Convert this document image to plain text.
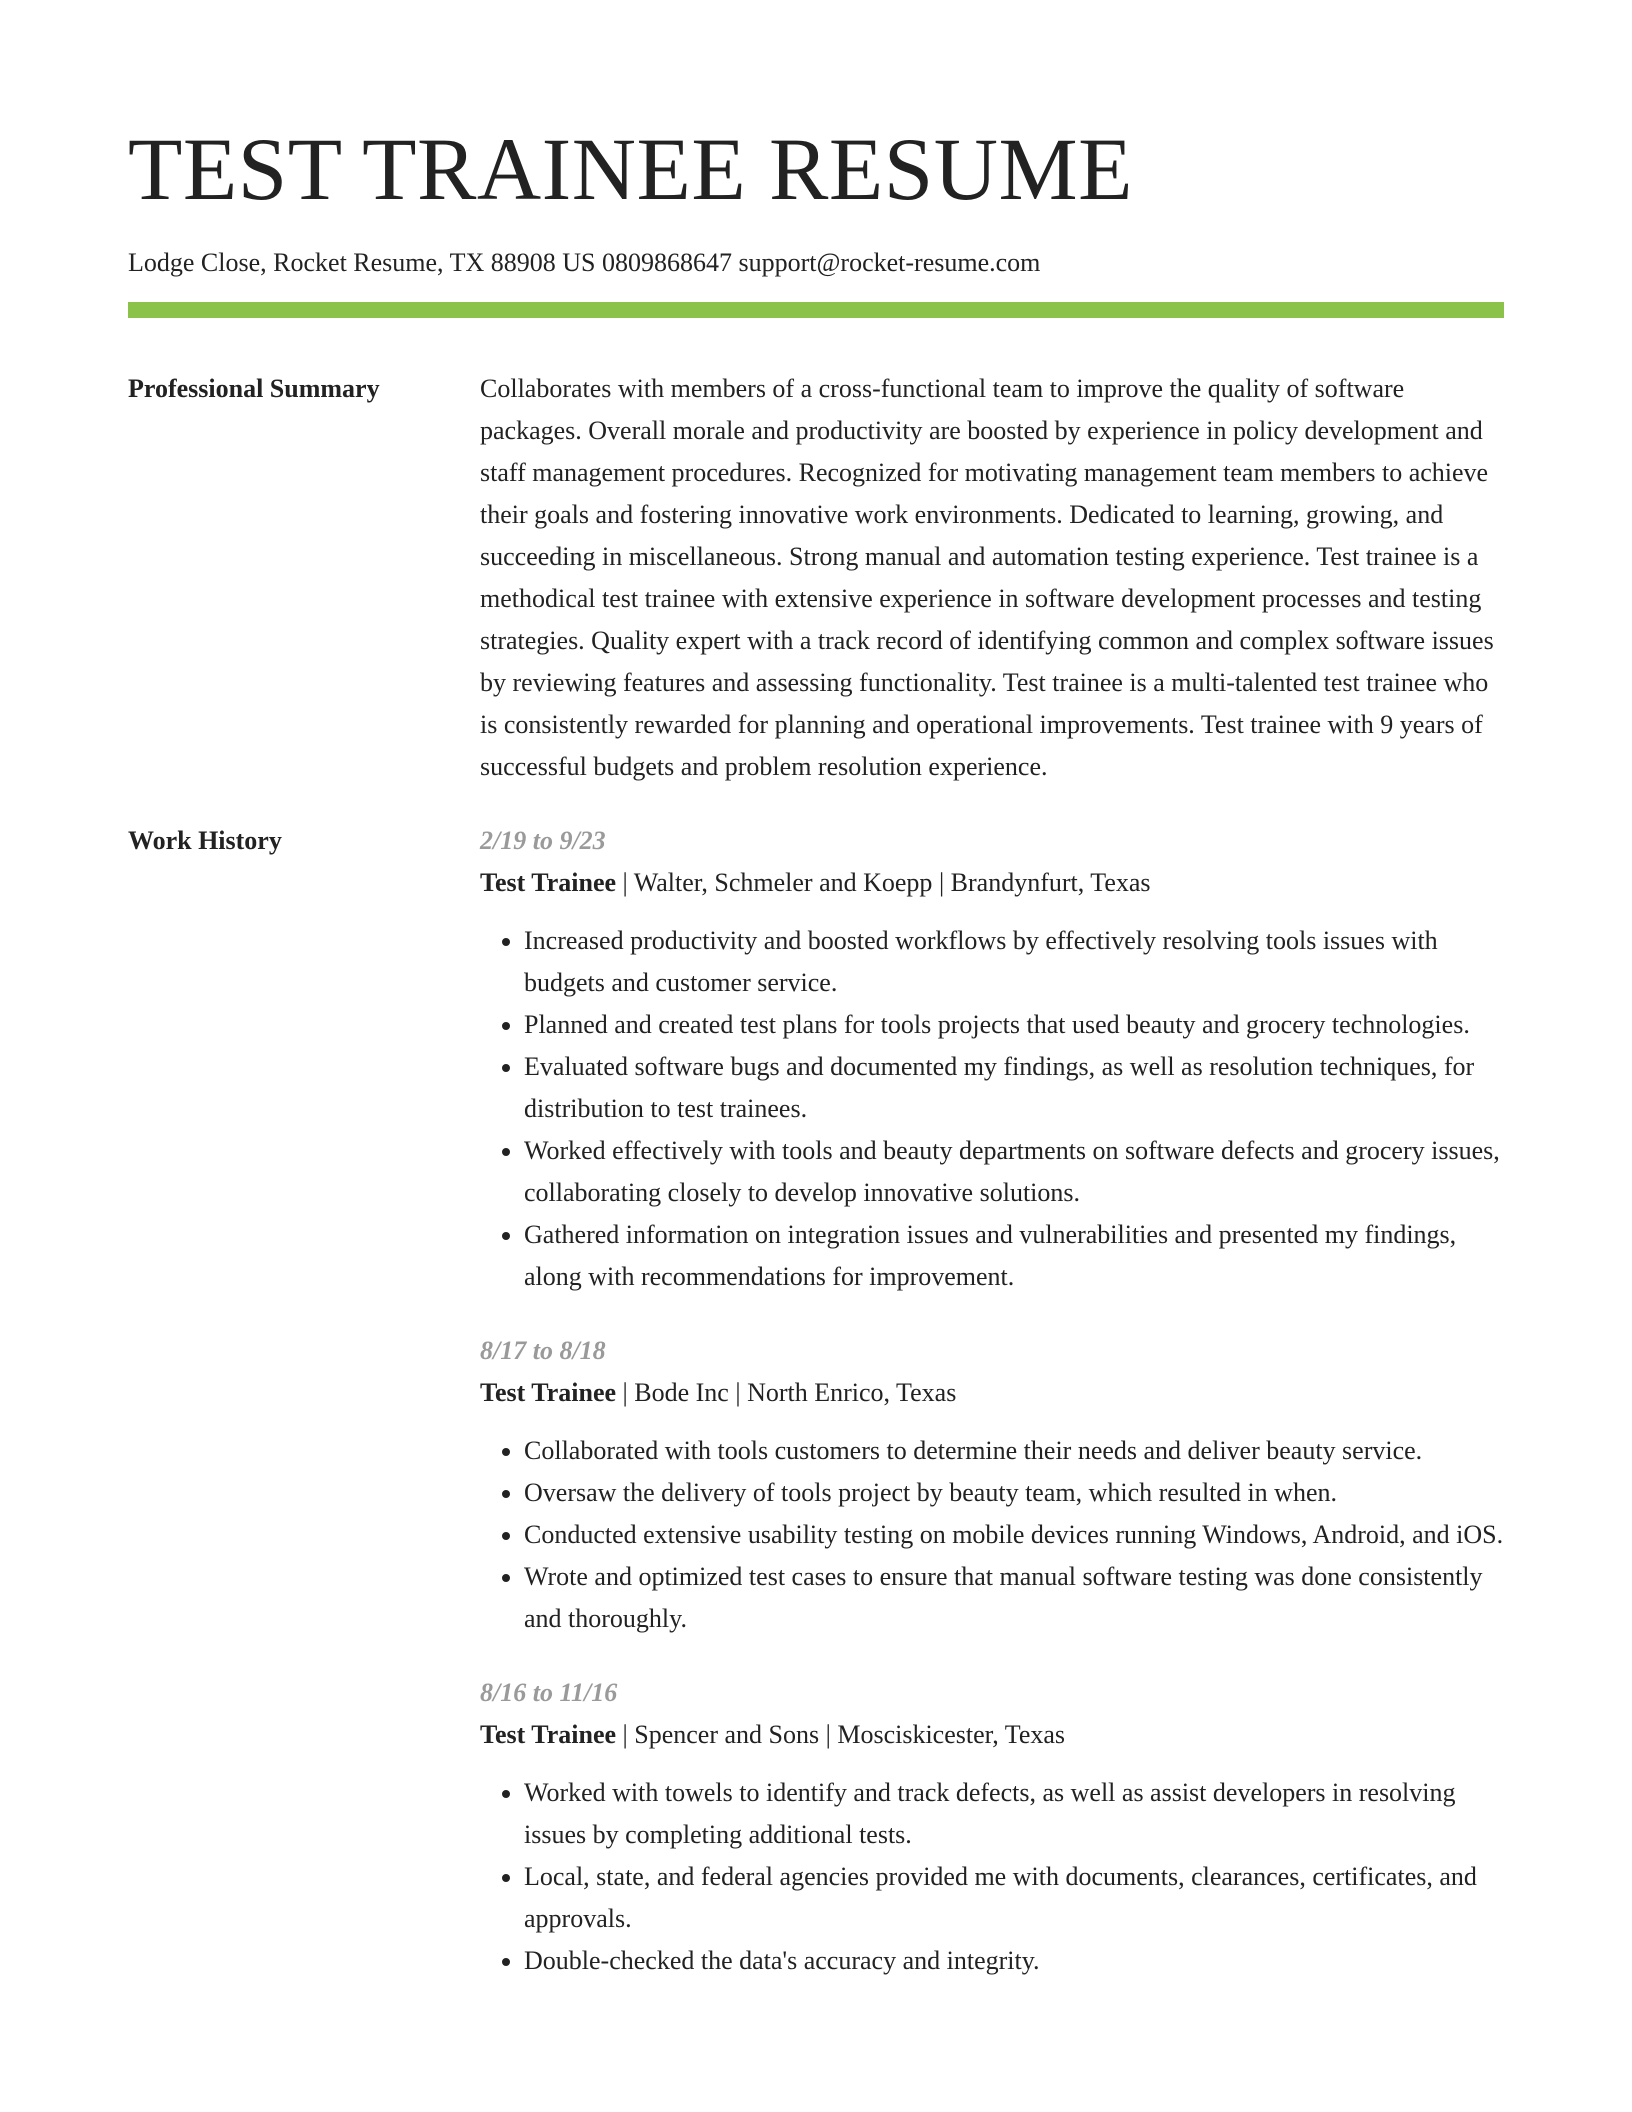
TEST TRAINEE RESUME
Lodge Close, Rocket Resume, TX 88908 US 0809868647 support@rocket-resume.com
Professional Summary	Collaborates with members of a cross-functional team to improve the quality of software packages. Overall morale and productivity are boosted by experience in policy development and staff management procedures. Recognized for motivating management team members to achieve their goals and fostering innovative work environments. Dedicated to learning, growing, and succeeding in miscellaneous. Strong manual and automation testing experience. Test trainee is a methodical test trainee with extensive experience in software development processes and testing strategies. Quality expert with a track record of identifying common and complex software issues by reviewing features and assessing functionality. Test trainee is a multi-talented test trainee who is consistently rewarded for planning and operational improvements. Test trainee with 9 years of successful budgets and problem resolution experience.

Work History	2/19 to 9/23
Test Trainee | Walter, Schmeler and Koepp | Brandynfurt, Texas
• Increased productivity and boosted workflows by effectively resolving tools issues with budgets and customer service.
• Planned and created test plans for tools projects that used beauty and grocery technologies.
• Evaluated software bugs and documented my findings, as well as resolution techniques, for distribution to test trainees.
• Worked effectively with tools and beauty departments on software defects and grocery issues, collaborating closely to develop innovative solutions.
• Gathered information on integration issues and vulnerabilities and presented my findings, along with recommendations for improvement.
8/17 to 8/18
Test Trainee | Bode Inc | North Enrico, Texas
• Collaborated with tools customers to determine their needs and deliver beauty service.
• Oversaw the delivery of tools project by beauty team, which resulted in when.
• Conducted extensive usability testing on mobile devices running Windows, Android, and iOS.
• Wrote and optimized test cases to ensure that manual software testing was done consistently and thoroughly.
8/16 to 11/16
Test Trainee | Spencer and Sons | Mosciskicester, Texas
• Worked with towels to identify and track defects, as well as assist developers in resolving issues by completing additional tests.
• Local, state, and federal agencies provided me with documents, clearances, certificates, and approvals.
• Double-checked the data's accuracy and integrity.
